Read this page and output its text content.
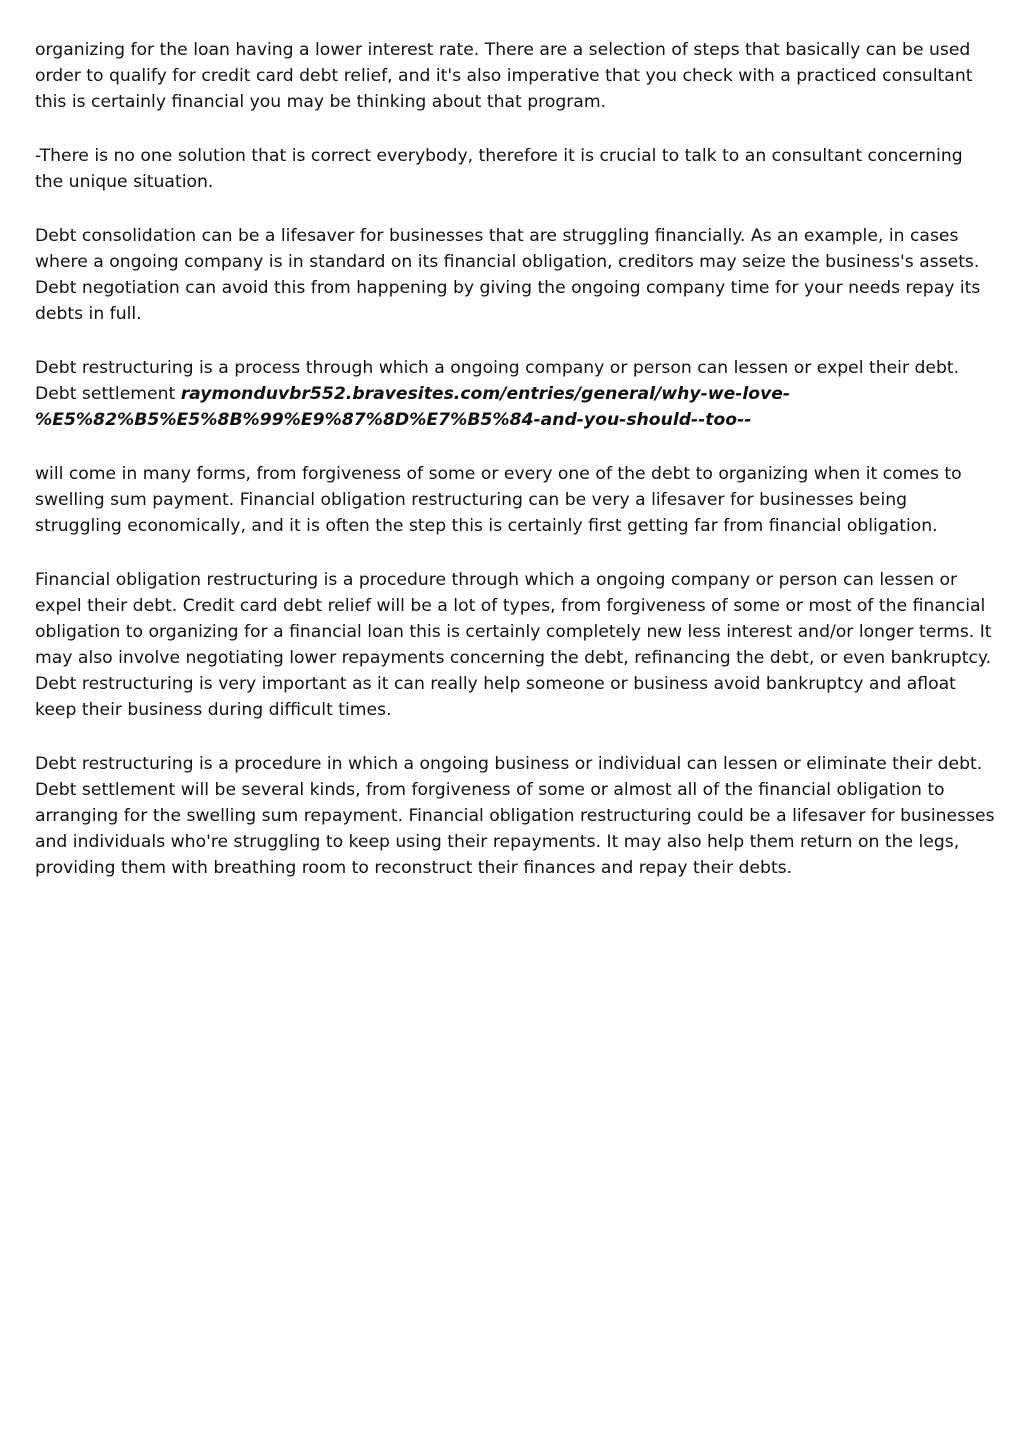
organizing for the loan having a lower interest rate. There are a selection of steps that basically can be used order to qualify for credit card debt relief, and it's also imperative that you check with a practiced consultant this is certainly financial you may be thinking about that program.

-There is no one solution that is correct everybody, therefore it is crucial to talk to an consultant concerning the unique situation.

Debt consolidation can be a lifesaver for businesses that are struggling financially. As an example, in cases where a ongoing company is in standard on its financial obligation, creditors may seize the business's assets. Debt negotiation can avoid this from happening by giving the ongoing company time for your needs repay its debts in full.

Debt restructuring is a process through which a ongoing company or person can lessen or expel their debt. Debt settlement raymonduvbr552.bravesites.com/entries/general/why-we-love-
%E5%82%B5%E5%8B%99%E9%87%8D%E7%B5%84-and-you-should--too--

will come in many forms, from forgiveness of some or every one of the debt to organizing when it comes to swelling sum payment. Financial obligation restructuring can be very a lifesaver for businesses being struggling economically, and it is often the step this is certainly first getting far from financial obligation.

Financial obligation restructuring is a procedure through which a ongoing company or person can lessen or expel their debt. Credit card debt relief will be a lot of types, from forgiveness of some or most of the financial obligation to organizing for a financial loan this is certainly completely new less interest and/or longer terms. It may also involve negotiating lower repayments concerning the debt, refinancing the debt, or even bankruptcy. Debt restructuring is very important as it can really help someone or business avoid bankruptcy and afloat keep their business during difficult times.

Debt restructuring is a procedure in which a ongoing business or individual can lessen or eliminate their debt. Debt settlement will be several kinds, from forgiveness of some or almost all of the financial obligation to arranging for the swelling sum repayment. Financial obligation restructuring could be a lifesaver for businesses and individuals who're struggling to keep using their repayments. It may also help them return on the legs, providing them with breathing room to reconstruct their finances and repay their debts.
